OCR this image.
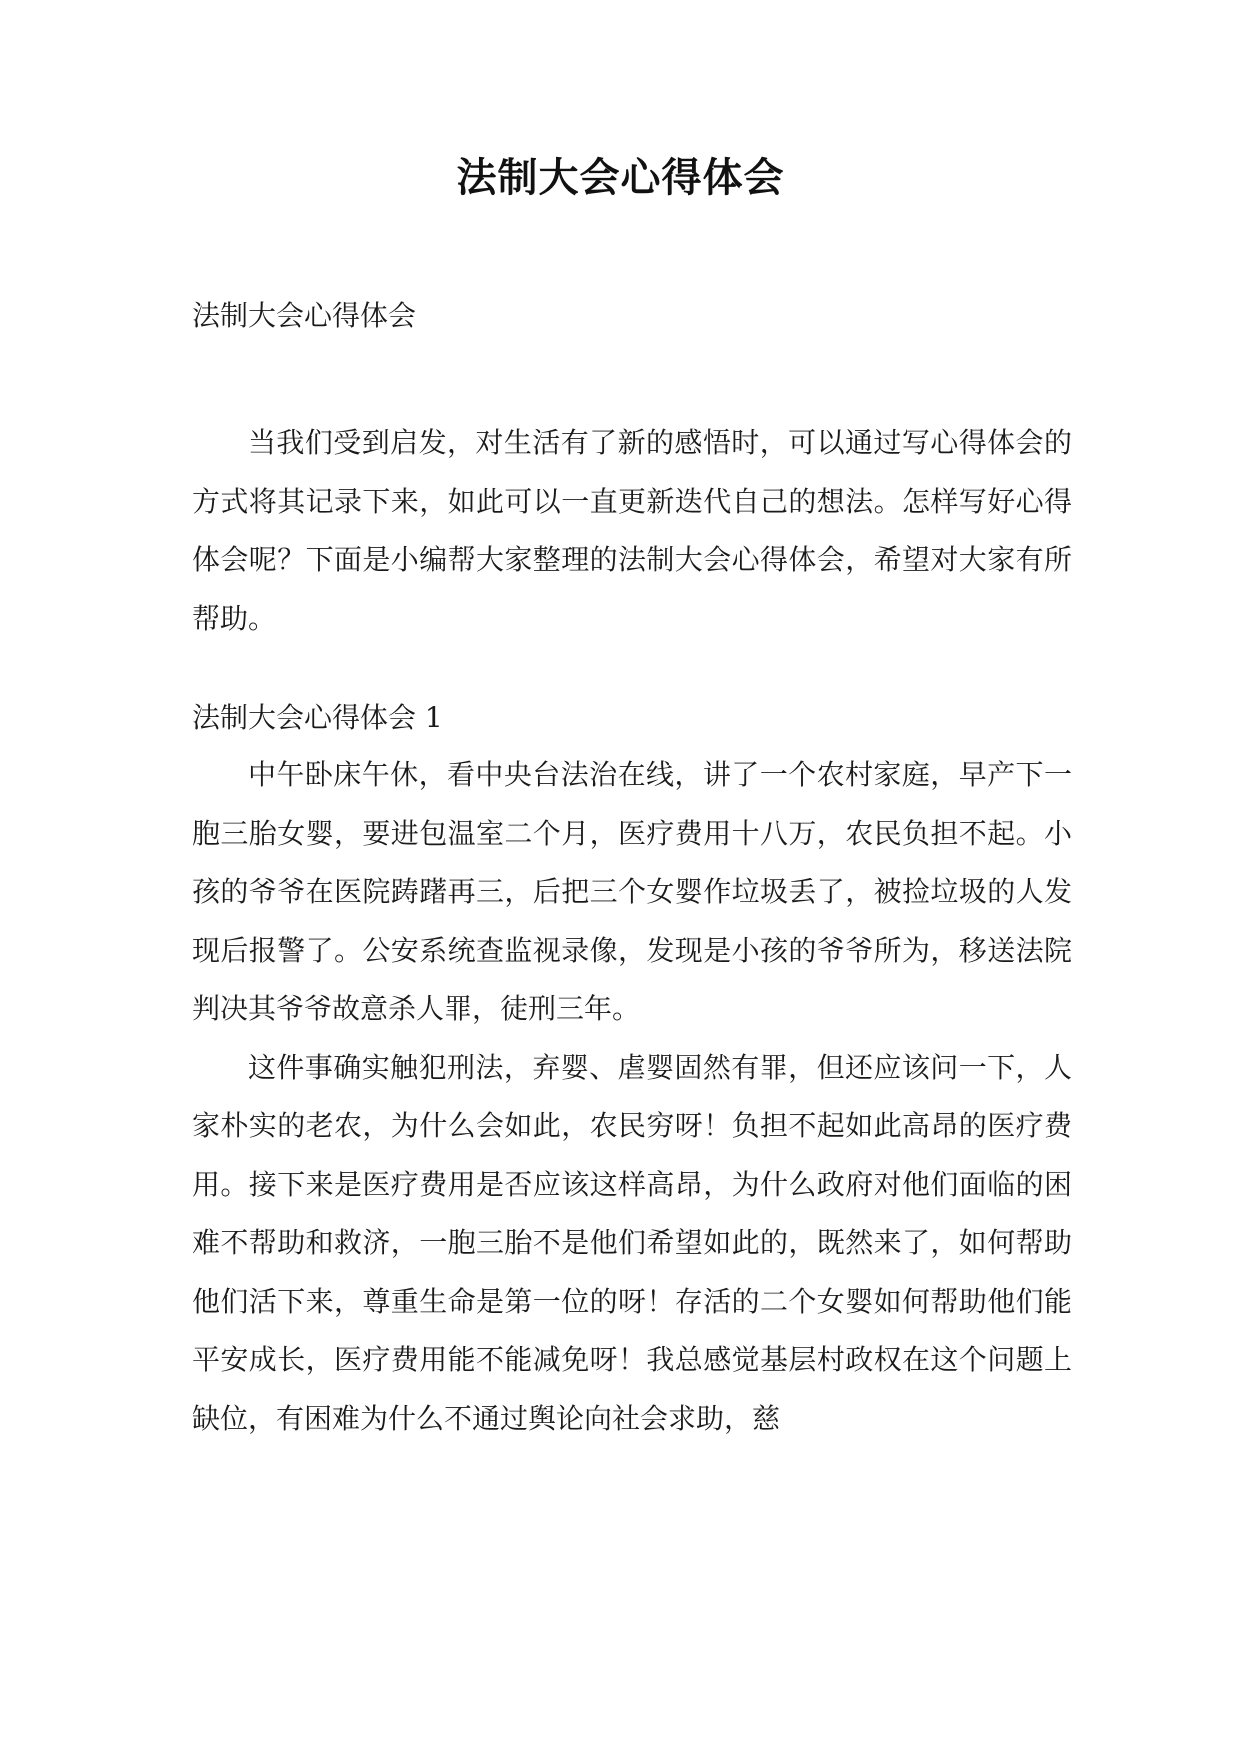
法制大会心得体会

法制大会心得体会

当我们受到启发，对生活有了新的感悟时，可以通过写心得体会的方式将其记录下来，如此可以一直更新迭代自己的想法。怎样写好心得体会呢？下面是小编帮大家整理的法制大会心得体会，希望对大家有所帮助。

法制大会心得体会 1

中午卧床午休，看中央台法治在线，讲了一个农村家庭，早产下一胞三胎女婴，要进包温室二个月，医疗费用十八万，农民负担不起。小孩的爷爷在医院踌躇再三，后把三个女婴作垃圾丢了，被捡垃圾的人发现后报警了。公安系统查监视录像，发现是小孩的爷爷所为，移送法院判决其爷爷故意杀人罪，徒刑三年。

这件事确实触犯刑法，弃婴、虐婴固然有罪，但还应该问一下，人家朴实的老农，为什么会如此，农民穷呀！负担不起如此高昂的医疗费用。接下来是医疗费用是否应该这样高昂，为什么政府对他们面临的困难不帮助和救济，一胞三胎不是他们希望如此的，既然来了，如何帮助他们活下来，尊重生命是第一位的呀！存活的二个女婴如何帮助他们能平安成长，医疗费用能不能减免呀！我总感觉基层村政权在这个问题上缺位，有困难为什么不通过舆论向社会求助，慈
